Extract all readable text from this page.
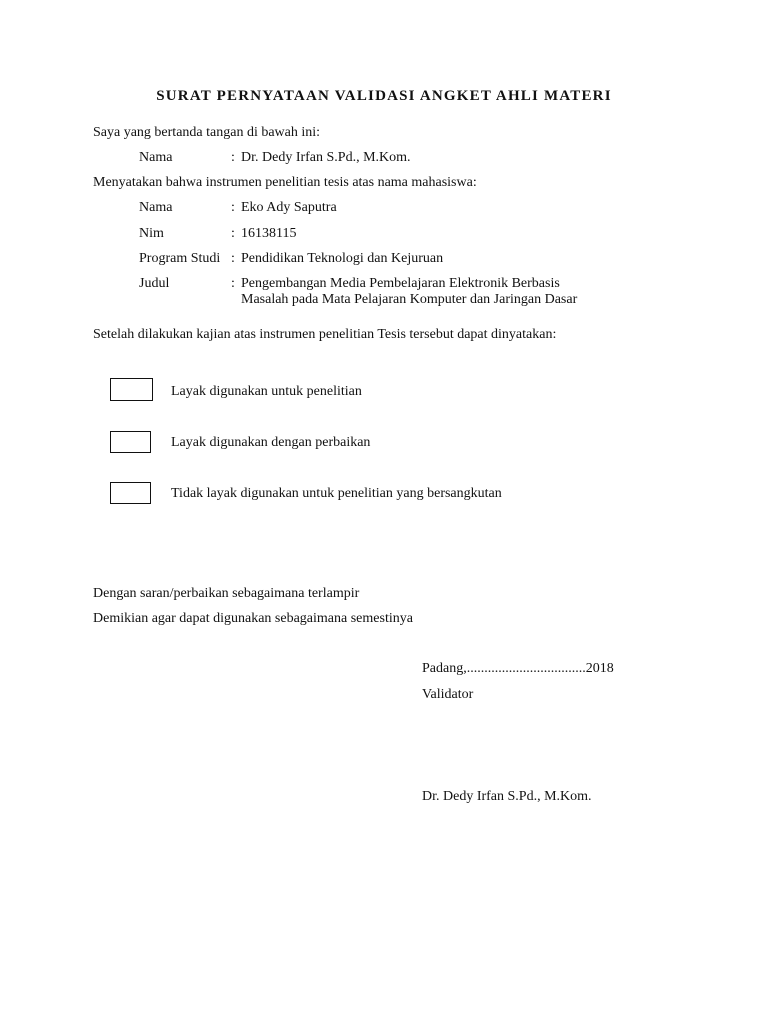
SURAT PERNYATAAN VALIDASI ANGKET AHLI MATERI
Saya yang bertanda tangan di bawah ini:
Nama	: Dr. Dedy Irfan S.Pd., M.Kom.
Menyatakan bahwa instrumen penelitian tesis atas nama mahasiswa:
Nama	: Eko Ady Saputra
Nim	: 16138115
Program Studi : Pendidikan Teknologi dan Kejuruan
Judul	: Pengembangan Media Pembelajaran Elektronik Berbasis
Masalah pada Mata Pelajaran Komputer dan Jaringan Dasar
Setelah dilakukan kajian atas instrumen penelitian Tesis tersebut dapat dinyatakan:
Layak digunakan untuk penelitian
Layak digunakan dengan perbaikan
Tidak layak digunakan untuk penelitian yang bersangkutan
Dengan saran/perbaikan sebagaimana terlampir
Demikian agar dapat digunakan sebagaimana semestinya
Padang,..................................2018
Validator
Dr. Dedy Irfan S.Pd., M.Kom.
